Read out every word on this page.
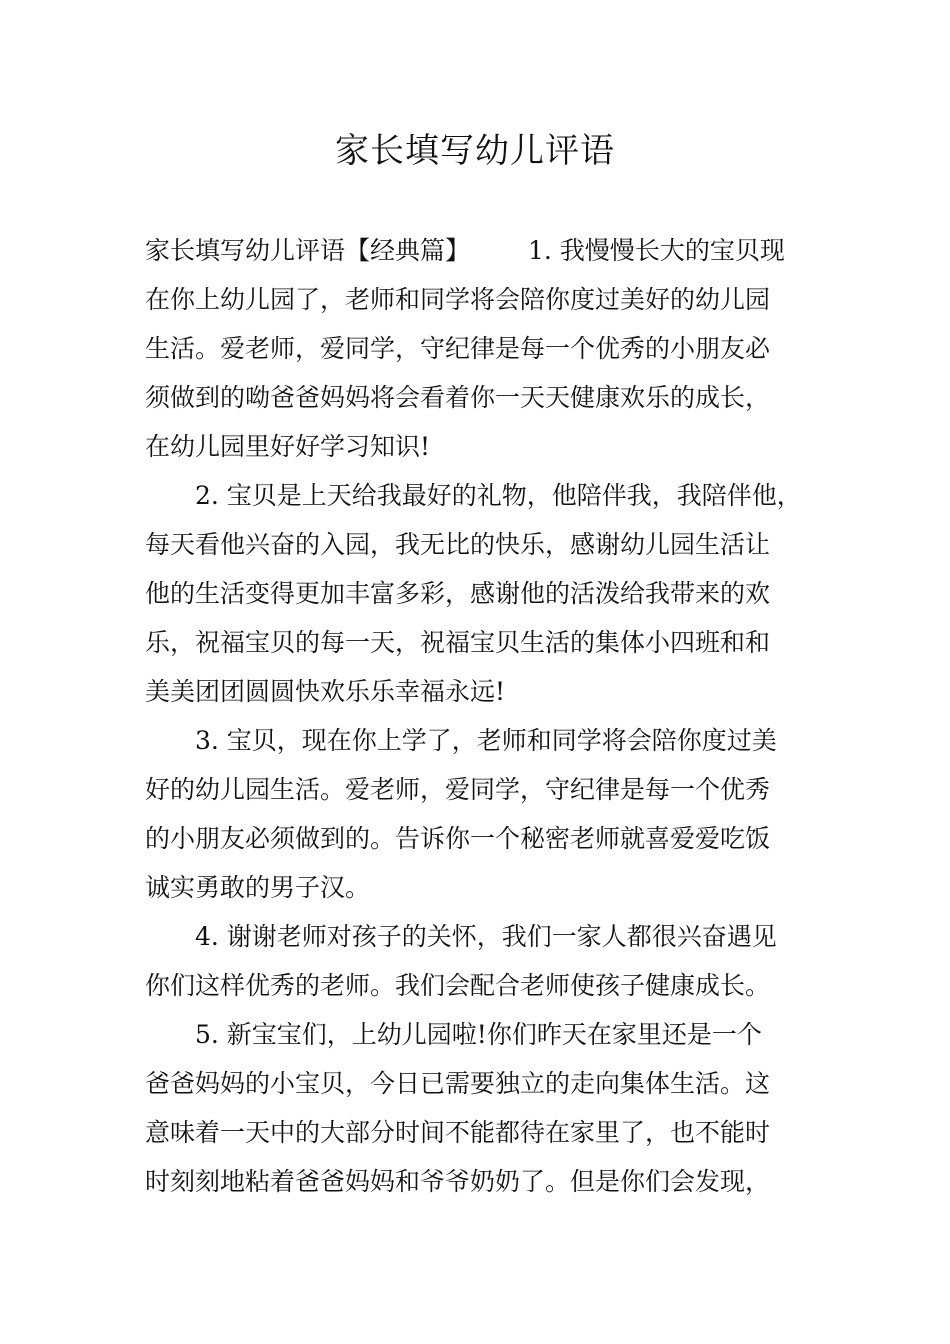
家长填写幼儿评语
家长填写幼儿评语【经典篇】 1. 我慢慢长大的宝贝现
在你上幼儿园了，老师和同学将会陪你度过美好的幼儿园
生活。爱老师，爱同学，守纪律是每一个优秀的小朋友必
须做到的呦爸爸妈妈将会看着你一天天健康欢乐的成长，
在幼儿园里好好学习知识!
2. 宝贝是上天给我最好的礼物，他陪伴我，我陪伴他，
每天看他兴奋的入园，我无比的快乐，感谢幼儿园生活让
他的生活变得更加丰富多彩，感谢他的活泼给我带来的欢
乐，祝福宝贝的每一天，祝福宝贝生活的集体小四班和和
美美团团圆圆快欢乐乐幸福永远!
3. 宝贝，现在你上学了，老师和同学将会陪你度过美
好的幼儿园生活。爱老师，爱同学，守纪律是每一个优秀
的小朋友必须做到的。告诉你一个秘密老师就喜爱爱吃饭
诚实勇敢的男子汉。
4. 谢谢老师对孩子的关怀，我们一家人都很兴奋遇见
你们这样优秀的老师。我们会配合老师使孩子健康成长。
5. 新宝宝们，上幼儿园啦!你们昨天在家里还是一个
爸爸妈妈的小宝贝，今日已需要独立的走向集体生活。这
意味着一天中的大部分时间不能都待在家里了，也不能时
时刻刻地粘着爸爸妈妈和爷爷奶奶了。但是你们会发现，
